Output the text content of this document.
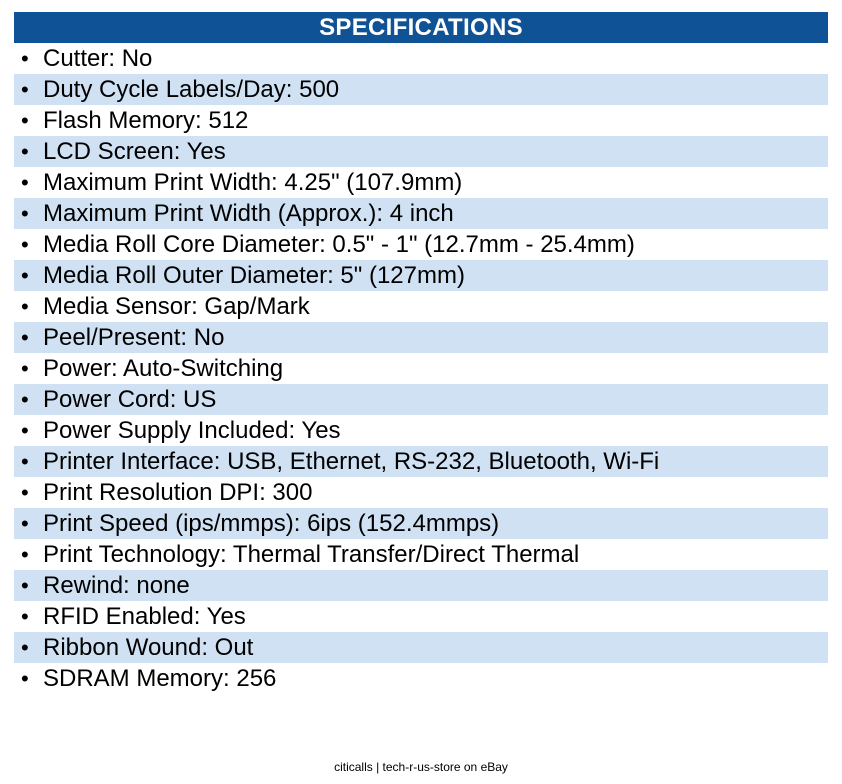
SPECIFICATIONS
• Cutter: No
• Duty Cycle Labels/Day: 500
• Flash Memory: 512
• LCD Screen: Yes
• Maximum Print Width: 4.25" (107.9mm)
• Maximum Print Width (Approx.): 4 inch
• Media Roll Core Diameter: 0.5" - 1" (12.7mm - 25.4mm)
• Media Roll Outer Diameter: 5" (127mm)
• Media Sensor: Gap/Mark
• Peel/Present: No
• Power: Auto-Switching
• Power Cord: US
• Power Supply Included: Yes
• Printer Interface: USB, Ethernet, RS-232, Bluetooth, Wi-Fi
• Print Resolution DPI: 300
• Print Speed (ips/mmps): 6ips (152.4mmps)
• Print Technology: Thermal Transfer/Direct Thermal
• Rewind: none
• RFID Enabled: Yes
• Ribbon Wound: Out
• SDRAM Memory: 256
citicalls | tech-r-us-store on eBay
